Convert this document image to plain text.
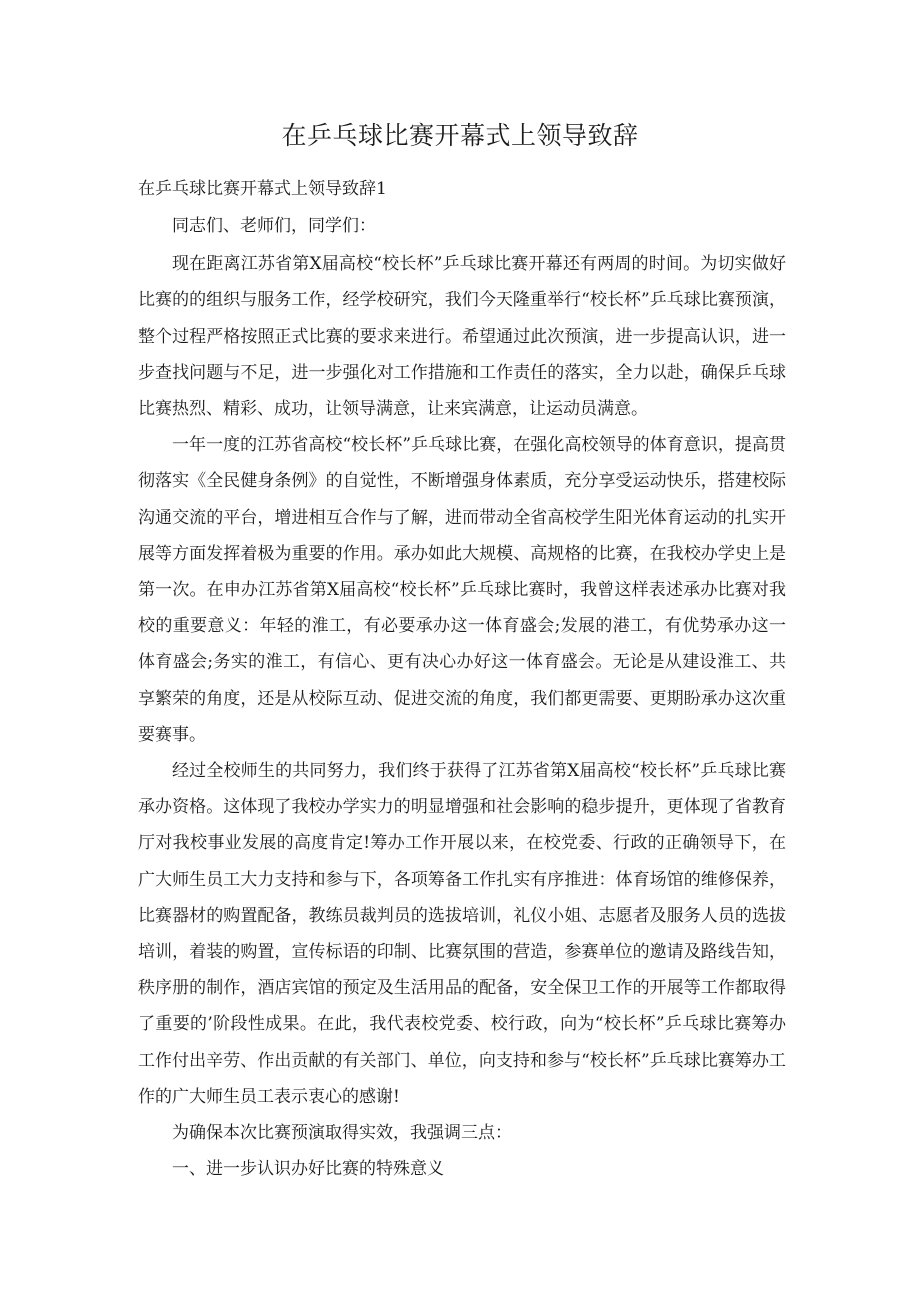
在乒乓球比赛开幕式上领导致辞

在乒乓球比赛开幕式上领导致辞1

同志们、老师们，同学们：

现在距离江苏省第X届高校“校长杯”乒乓球比赛开幕还有两周的时间。为切实做好比赛的的组织与服务工作，经学校研究，我们今天隆重举行“校长杯”乒乓球比赛预演，整个过程严格按照正式比赛的要求来进行。希望通过此次预演，进一步提高认识，进一步查找问题与不足，进一步强化对工作措施和工作责任的落实，全力以赴，确保乒乓球比赛热烈、精彩、成功，让领导满意，让来宾满意，让运动员满意。

一年一度的江苏省高校“校长杯”乒乓球比赛，在强化高校领导的体育意识，提高贯彻落实《全民健身条例》的自觉性，不断增强身体素质，充分享受运动快乐，搭建校际沟通交流的平台，增进相互合作与了解，进而带动全省高校学生阳光体育运动的扎实开展等方面发挥着极为重要的作用。承办如此大规模、高规格的比赛，在我校办学史上是第一次。在申办江苏省第X届高校“校长杯”乒乓球比赛时，我曾这样表述承办比赛对我校的重要意义：年轻的淮工，有必要承办这一体育盛会;发展的港工，有优势承办这一体育盛会;务实的淮工，有信心、更有决心办好这一体育盛会。无论是从建设淮工、共享繁荣的角度，还是从校际互动、促进交流的角度，我们都更需要、更期盼承办这次重要赛事。

经过全校师生的共同努力，我们终于获得了江苏省第X届高校“校长杯”乒乓球比赛承办资格。这体现了我校办学实力的明显增强和社会影响的稳步提升，更体现了省教育厅对我校事业发展的高度肯定!筹办工作开展以来，在校党委、行政的正确领导下，在广大师生员工大力支持和参与下，各项筹备工作扎实有序推进：体育场馆的维修保养，比赛器材的购置配备，教练员裁判员的选拔培训，礼仪小姐、志愿者及服务人员的选拔培训，着装的购置，宣传标语的印制、比赛氛围的营造，参赛单位的邀请及路线告知，秩序册的制作，酒店宾馆的预定及生活用品的配备，安全保卫工作的开展等工作都取得了重要的’阶段性成果。在此，我代表校党委、校行政，向为“校长杯”乒乓球比赛筹办工作付出辛劳、作出贡献的有关部门、单位，向支持和参与“校长杯”乒乓球比赛筹办工作的广大师生员工表示衷心的感谢!

为确保本次比赛预演取得实效，我强调三点：

一、进一步认识办好比赛的特殊意义
